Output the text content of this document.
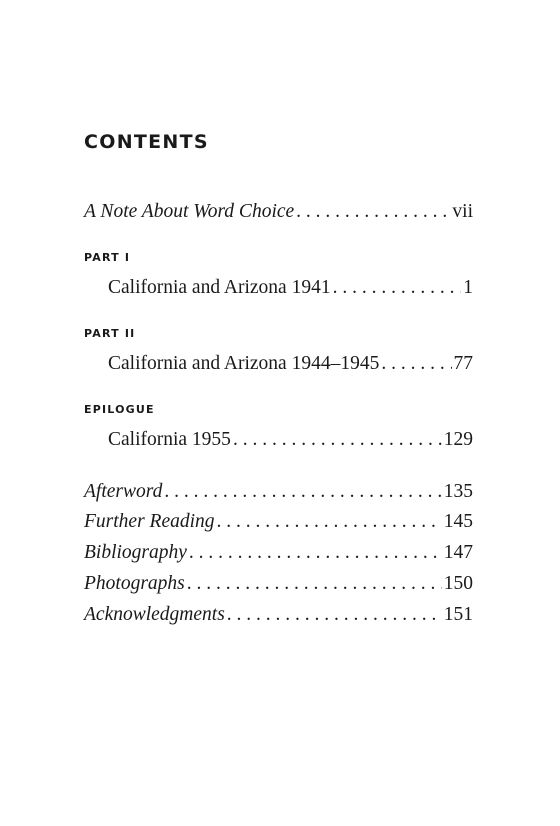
CONTENTS
A Note About Word Choice . . .	vii
PART I
California and Arizona 1941 . . .	1
PART II
California and Arizona 1944–1945 . . .	77
EPILOGUE
California 1955 . . .	129
Afterword . . .	135
Further Reading . . .	145
Bibliography . . .	147
Photographs . . .	150
Acknowledgments . . .	151
